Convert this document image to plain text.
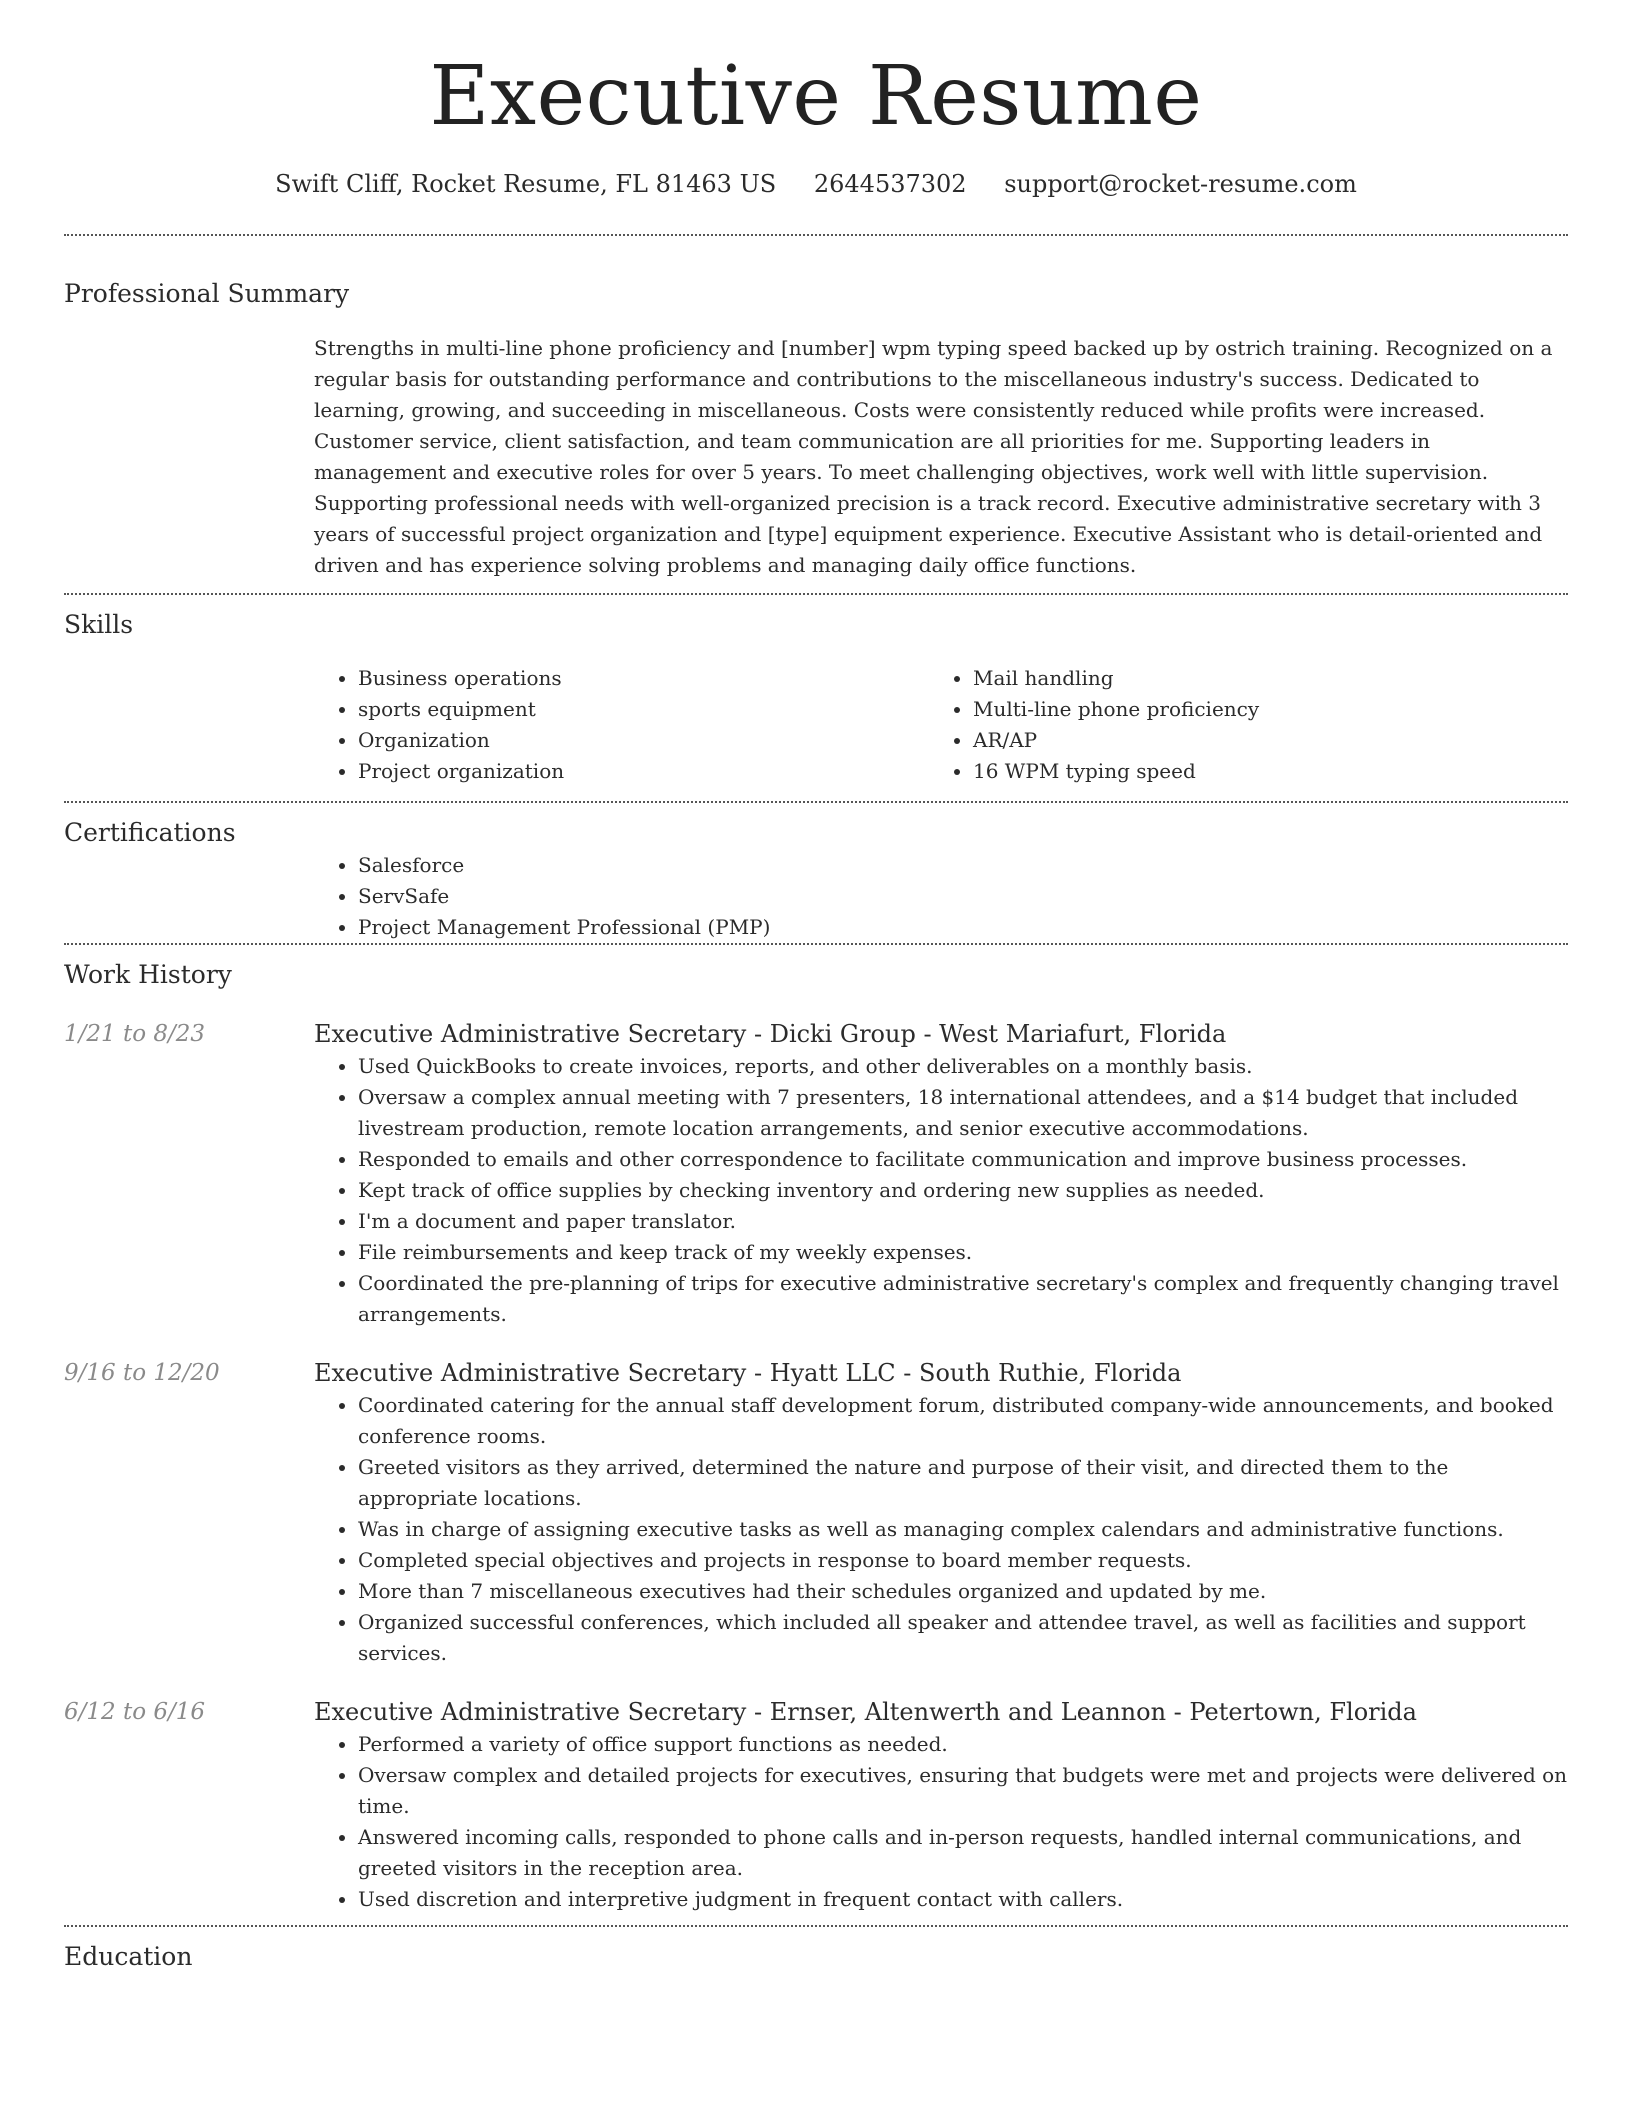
Executive Resume
Swift Cliff, Rocket Resume, FL 81463 US 2644537302 support@rocket-resume.com
Professional Summary

Strengths in multi-line phone proficiency and [number] wpm typing speed backed up by ostrich training. Recognized on a regular basis for outstanding performance and contributions to the miscellaneous industry's success. Dedicated to learning, growing, and succeeding in miscellaneous. Costs were consistently reduced while profits were increased. Customer service, client satisfaction, and team communication are all priorities for me. Supporting leaders in management and executive roles for over 5 years. To meet challenging objectives, work well with little supervision. Supporting professional needs with well-organized precision is a track record. Executive administrative secretary with 3 years of successful project organization and [type] equipment experience. Executive Assistant who is detail-oriented and driven and has experience solving problems and managing daily office functions.

Skills
• Business operations
• sports equipment
• Organization
• Project organization
• Mail handling
• Multi-line phone proficiency
• AR/AP
• 16 WPM typing speed
Certifications
• Salesforce
• ServSafe
• Project Management Professional (PMP)
Work History
1/21 to 8/23	Executive Administrative Secretary - Dicki Group - West Mariafurt, Florida
• Used QuickBooks to create invoices, reports, and other deliverables on a monthly basis.
• Oversaw a complex annual meeting with 7 presenters, 18 international attendees, and a $14 budget that included livestream production, remote location arrangements, and senior executive accommodations.
• Responded to emails and other correspondence to facilitate communication and improve business processes.
• Kept track of office supplies by checking inventory and ordering new supplies as needed.
• I'm a document and paper translator.
• File reimbursements and keep track of my weekly expenses.
• Coordinated the pre-planning of trips for executive administrative secretary's complex and frequently changing travel arrangements.
9/16 to 12/20	Executive Administrative Secretary - Hyatt LLC - South Ruthie, Florida
• Coordinated catering for the annual staff development forum, distributed company-wide announcements, and booked conference rooms.
• Greeted visitors as they arrived, determined the nature and purpose of their visit, and directed them to the appropriate locations.
• Was in charge of assigning executive tasks as well as managing complex calendars and administrative functions.
• Completed special objectives and projects in response to board member requests.
• More than 7 miscellaneous executives had their schedules organized and updated by me.
• Organized successful conferences, which included all speaker and attendee travel, as well as facilities and support services.
6/12 to 6/16	Executive Administrative Secretary - Ernser, Altenwerth and Leannon - Petertown, Florida
• Performed a variety of office support functions as needed.
• Oversaw complex and detailed projects for executives, ensuring that budgets were met and projects were delivered on time.
• Answered incoming calls, responded to phone calls and in-person requests, handled internal communications, and greeted visitors in the reception area.
• Used discretion and interpretive judgment in frequent contact with callers.
Education
